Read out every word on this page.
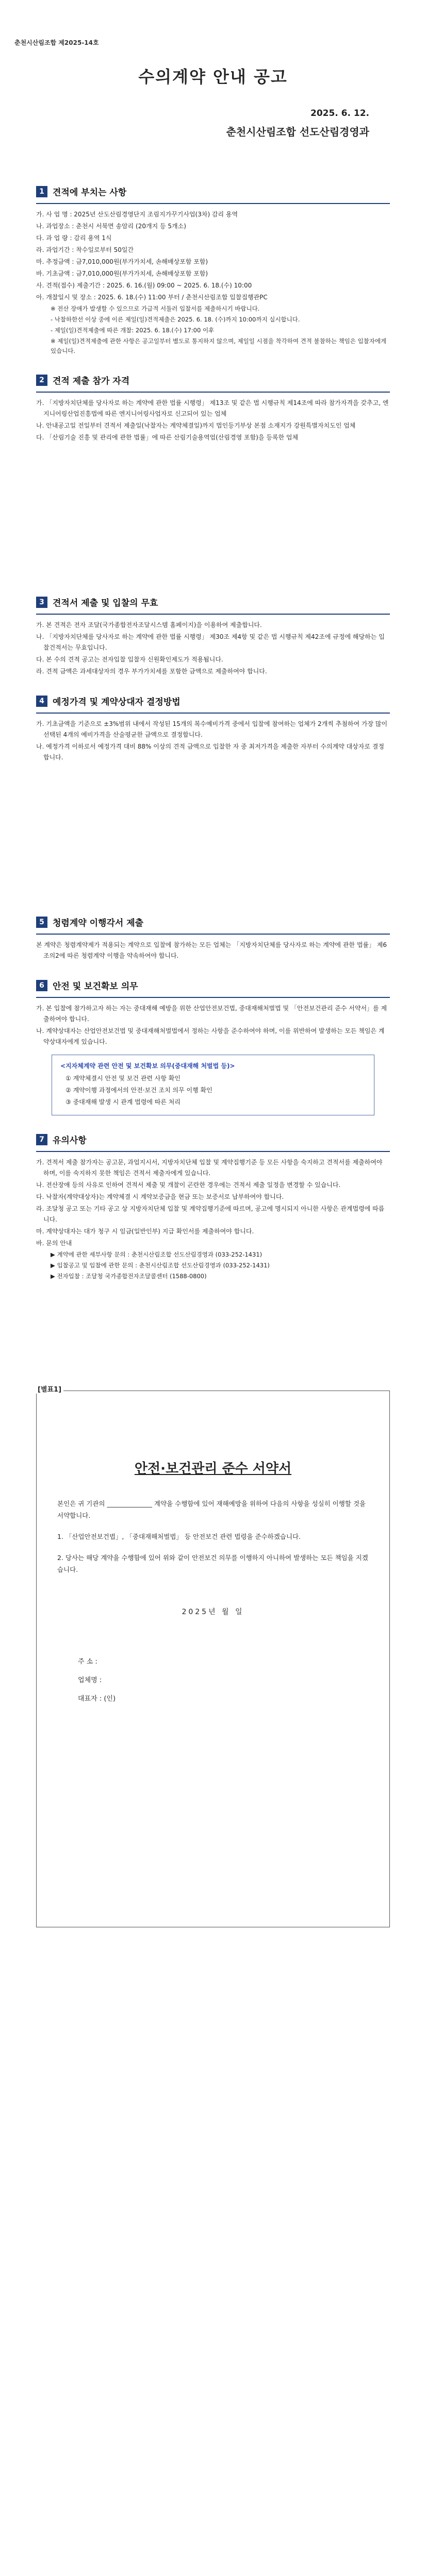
춘천시산림조합 제2025-14호
수의계약 안내 공고
2025. 6. 12.
춘천시산림조합 선도산림경영과
1 견적에 부치는 사항

가. 사 업 명 : 2025년 산도산림경영단지 조림지가꾸기사업(3차) 감리 용역

나. 과업장소 : 춘천시 서북면 송암리 (20개지 등 5개소)

다. 과 업 량 : 감리 용역 1식

라. 과업기간 : 착수일로부터 50일간

마. 추정금액 : 금7,010,000원(부가가치세, 손해배상포함 포함)

바. 기초금액 : 금7,010,000원(부가가치세, 손해배상포함 포함)

사. 견적(접수) 제출기간 : 2025. 6. 16.(월) 09:00 ~ 2025. 6. 18.(수) 10:00

아. 개찰일시 및 장소 : 2025. 6. 18.(수) 11:00 부터 / 춘천시산림조합 입찰집행관PC

※ 전산 장애가 발생할 수 있으므로 가급적 서둘러 입찰서를 제출하시기 바랍니다.

- 낙찰하한선 이상 중에 이른 제일(일)견적제출은 2025. 6. 18. (수)까지 10:00까지 실시합니다.

- 제일(일)견적제출에 따른 개찰: 2025. 6. 18.(수) 17:00 이후

※ 제일(일)견적제출에 관한 사항은 공고일부터 별도로 통지하지 않으며, 제일일 시점을 착각하여 견적 불참하는 책임은 입찰자에게 있습니다.

2 견적 제출 참가 자격

가. 「지방자치단체를 당사자로 하는 계약에 관한 법률 시행령」 제13조 및 같은 법 시행규칙 제14조에 따라 참가자격을 갖추고, 엔지니어링산업진흥법에 따른 엔지니어링사업자로 신고되어 있는 업체

나. 안내공고일 전일부터 견적서 제출일(낙찰자는 계약체결일)까지 법인등기부상 본점 소재지가 강원특별자치도인 업체

다. 「산림기술 진흥 및 관리에 관한 법률」에 따른 산림기술용역업(산림경영 포함)을 등록한 업체

3 견적서 제출 및 입찰의 무효

가. 본 견적은 전자 조달(국가종합전자조달시스템 홈페이지)을 이용하여 제출합니다.

나. 「지방자치단체를 당사자로 하는 계약에 관한 법률 시행령」 제30조 제4항 및 같은 법 시행규칙 제42조에 규정에 해당하는 입찰건적서는 무효입니다.

다. 본 수의 견적 공고는 전자입찰 입찰자 신원확인제도가 적용됩니다.

라. 견적 금액은 과세대상자의 경우 부가가치세를 포함한 금액으로 제출하여야 합니다.

4 예정가격 및 계약상대자 결정방법

가. 기초금액을 기준으로 ±3%범위 내에서 작성된 15개의 복수예비가격 중에서 입찰에 참여하는 업체가 2개씩 추첨하여 가장 많이 선택된 4개의 예비가격을 산술평균한 금액으로 결정합니다.

나. 예정가격 이하로서 예정가격 대비 88% 이상의 견적 금액으로 입찰한 자 중 최저가격을 제출한 자부터 수의계약 대상자로 결정합니다.

5 청렴계약 이행각서 제출

본 계약은 청렴계약제가 적용되는 계약으로 입찰에 참가하는 모든 업체는 「지방자치단체를 당사자로 하는 계약에 관한 법률」 제6조의2에 따른 청렴계약 이행을 약속하여야 합니다.

6 안전 및 보건확보 의무

가. 본 입찰에 참가하고자 하는 자는 중대재해 예방을 위한 산업안전보건법, 중대재해처벌법 및 「안전보건관리 준수 서약서」를 제출하여야 합니다.

나. 계약상대자는 산업안전보건법 및 중대재해처벌법에서 정하는 사항을 준수하여야 하며, 이를 위반하여 발생하는 모든 책임은 계약상대자에게 있습니다.

<지자체계약 관련 안전 및 보건확보 의무(중대재해 처벌법 등)>

① 계약체결시 안전 및 보건 관련 사항 확인

② 계약이행 과정에서의 안전·보건 조치 의무 이행 확인

③ 중대재해 발생 시 관계 법령에 따른 처리

7 유의사항

가. 견적서 제출 참가자는 공고문, 과업지시서, 지방자치단체 입찰 및 계약집행기준 등 모든 사항을 숙지하고 견적서를 제출하여야 하며, 이를 숙지하지 못한 책임은 견적서 제출자에게 있습니다.

나. 전산장애 등의 사유로 인하여 견적서 제출 및 개찰이 곤란한 경우에는 견적서 제출 일정을 변경할 수 있습니다.

다. 낙찰자(계약대상자)는 계약체결 시 계약보증금을 현금 또는 보증서로 납부하여야 합니다.

라. 조달청 공고 또는 기타 공고 상 지방자치단체 입찰 및 계약집행기준에 따르며, 공고에 명시되지 아니한 사항은 관계법령에 따릅니다.

마. 계약상대자는 대가 청구 시 임금(일반인부) 지급 확인서를 제출하여야 합니다.

바. 문의 안내

▶ 계약에 관한 세부사항 문의 : 춘천시산림조합 선도산림경영과 (033-252-1431)

▶ 입찰공고 및 입찰에 관한 문의 : 춘천시산림조합 선도산림경영과 (033-252-1431)

▶ 전자입찰 : 조달청 국가종합전자조달콜센터 (1588-0800)

[별표1]
안전·보건관리 준수 서약서

본인은 귀 기관의 ______________ 계약을 수행함에 있어 재해예방을 위하여 다음의 사항을 성실히 이행할 것을 서약합니다.

1. 「산업안전보건법」, 「중대재해처벌법」 등 안전보건 관련 법령을 준수하겠습니다.

2. 당사는 해당 계약을 수행함에 있어 위와 같이 안전보건 의무를 이행하지 아니하여 발생하는 모든 책임을 지겠습니다.

2025년 월 일
주 소 :
업체명 :
대표자 : (인)
